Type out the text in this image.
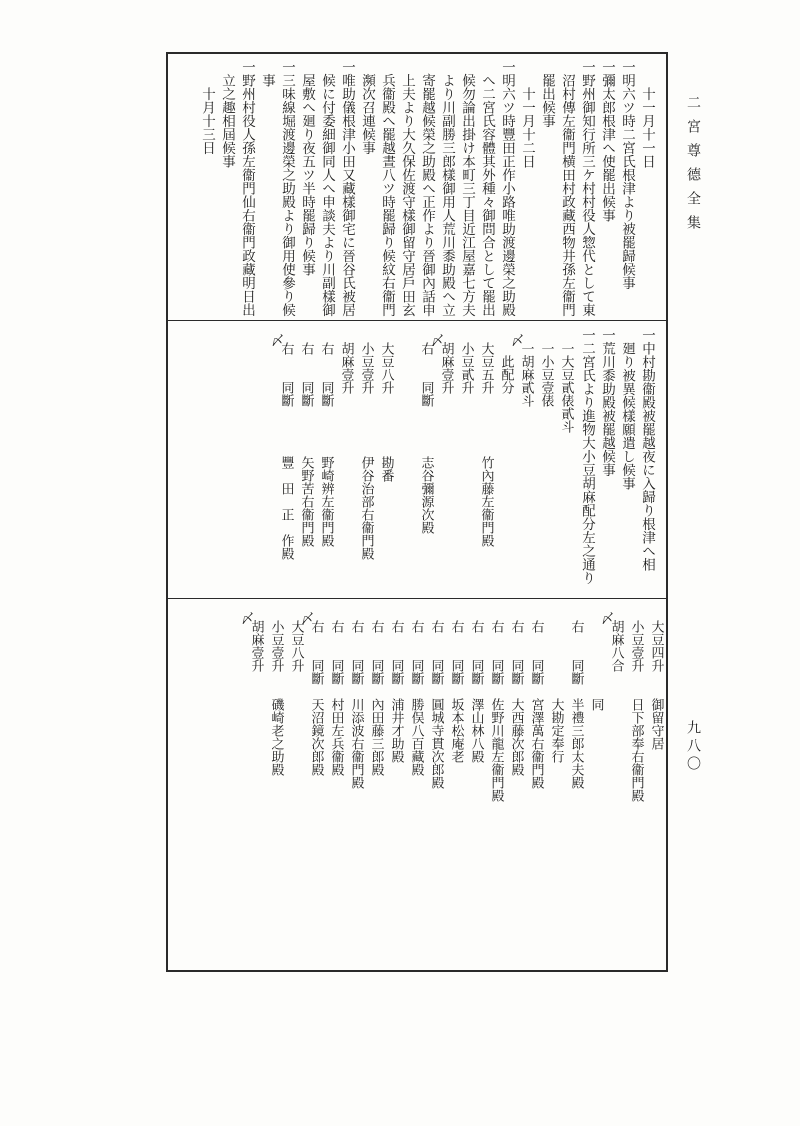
二宮尊德全集
九八〇
　　十一月十一日
一明六ツ時二宮氏根津より被罷歸候事
一彌太郎根津へ使罷出候事
一野州御知行所三ケ村村役人惣代として東
　沼村傳左衞門横田村政藏西物井孫左衞門
　罷出候事
　　十一月十二日
一明六ツ時豐田正作小路唯助渡邊榮之助殿
　へ二宮氏容體其外種々御問合として罷出
　候勿論出掛け本町三丁目近江屋嘉七方夫
　より川副勝三郎樣御用人荒川黍助殿へ立
　寄罷越候榮之助殿へ正作より晉御內話申
　上夫より大久保佐渡守樣御留守居戶田玄
　兵衞殿へ罷越晝八ツ時罷歸り候紋右衞門
　瀕次召連候事
一唯助儀根津小田又藏樣御宅に晉谷氏被居
　候に付委細御同人へ申談夫より川副樣御
　屋敷へ廻り夜五ツ半時罷歸り候事
一三味線堀渡邊榮之助殿より御用使參り候
　事
一野州村役人孫左衞門仙右衞門政藏明日出
　立之趣相屆候事
　　十月十三日
一中村勘衞殿被罷越夜に入歸り根津へ相
　廻り被異候樣願遣し候事
一荒川黍助殿被罷越候事
一二宮氏より進物大小豆胡麻配分左之通り
一大豆貳俵貳斗
一小豆壹俵
〆
一胡麻貳斗
　此配分
大豆五升
竹內藤左衞門殿
小豆貳升
〆
胡麻壹升
右　　同斷
志谷彌源次殿
大豆八升
勘番
小豆壹升
伊谷治部右衞門殿
胡麻壹升
右　　同斷
野崎辨左衞門殿
右　　同斷
矢野苦右衞門殿
〆
右　　同斷
豐　田　正　作殿
大豆四升
御留守居
小豆壹升
日下部奉右衞門殿
〆
胡麻八合
同
右　　同斷
半禮三郎太夫殿
大勘定奉行
右　　同斷
宮澤萬右衞門殿
右　　同斷
大西藤次郎殿
右　　同斷
佐野川龍左衞門殿
右　　同斷
澤山林八殿
右　　同斷
坂本松庵老
右　　同斷
圓城寺貫次郎殿
右　　同斷
勝俣八百藏殿
右　　同斷
浦井才助殿
右　　同斷
內田藤三郎殿
右　　同斷
川添波右衞門殿
右　　同斷
村田左兵衞殿
〆
右　　同斷
天沼鏡次郎殿
大豆八升
小豆壹升
磯崎老之助殿
〆
胡麻壹升
